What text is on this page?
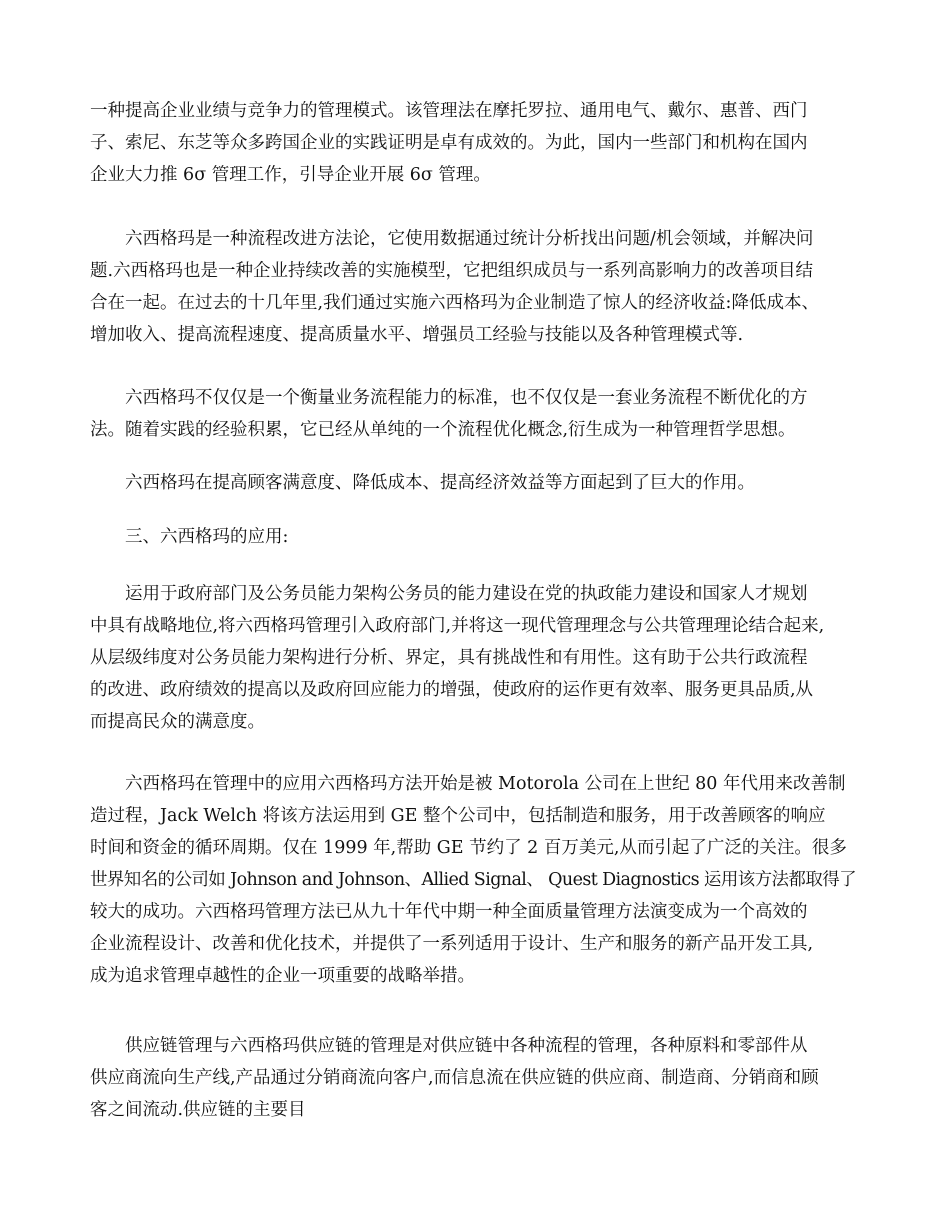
一种提高企业业绩与竞争力的管理模式。该管理法在摩托罗拉、通用电气、戴尔、惠普、西门
子、索尼、东芝等众多跨国企业的实践证明是卓有成效的。为此，国内一些部门和机构在国内
企业大力推 6σ 管理工作，引导企业开展 6σ 管理。
六西格玛是一种流程改进方法论，它使用数据通过统计分析找出问题/机会领域，并解决问
题.六西格玛也是一种企业持续改善的实施模型，它把组织成员与一系列高影响力的改善项目结
合在一起。在过去的十几年里,我们通过实施六西格玛为企业制造了惊人的经济收益:降低成本、
增加收入、提高流程速度、提高质量水平、增强员工经验与技能以及各种管理模式等.
六西格玛不仅仅是一个衡量业务流程能力的标准，也不仅仅是一套业务流程不断优化的方
法。随着实践的经验积累，它已经从单纯的一个流程优化概念,衍生成为一种管理哲学思想。
六西格玛在提高顾客满意度、降低成本、提高经济效益等方面起到了巨大的作用。
三、六西格玛的应用:
运用于政府部门及公务员能力架构公务员的能力建设在党的执政能力建设和国家人才规划
中具有战略地位,将六西格玛管理引入政府部门,并将这一现代管理理念与公共管理理论结合起来,
从层级纬度对公务员能力架构进行分析、界定，具有挑战性和有用性。这有助于公共行政流程
的改进、政府绩效的提高以及政府回应能力的增强，使政府的运作更有效率、服务更具品质,从
而提高民众的满意度。
六西格玛在管理中的应用六西格玛方法开始是被 Motorola 公司在上世纪 80 年代用来改善制
造过程，Jack Welch 将该方法运用到 GE 整个公司中，包括制造和服务，用于改善顾客的响应
时间和资金的循环周期。仅在 1999 年,帮助 GE 节约了 2 百万美元,从而引起了广泛的关注。很多
世界知名的公司如 Johnson and Johnson、Allied Signal、 Quest Diagnostics 运用该方法都取得了
较大的成功。六西格玛管理方法已从九十年代中期一种全面质量管理方法演变成为一个高效的
企业流程设计、改善和优化技术，并提供了一系列适用于设计、生产和服务的新产品开发工具,
成为追求管理卓越性的企业一项重要的战略举措。
供应链管理与六西格玛供应链的管理是对供应链中各种流程的管理，各种原料和零部件从
供应商流向生产线,产品通过分销商流向客户,而信息流在供应链的供应商、制造商、分销商和顾
客之间流动.供应链的主要目
